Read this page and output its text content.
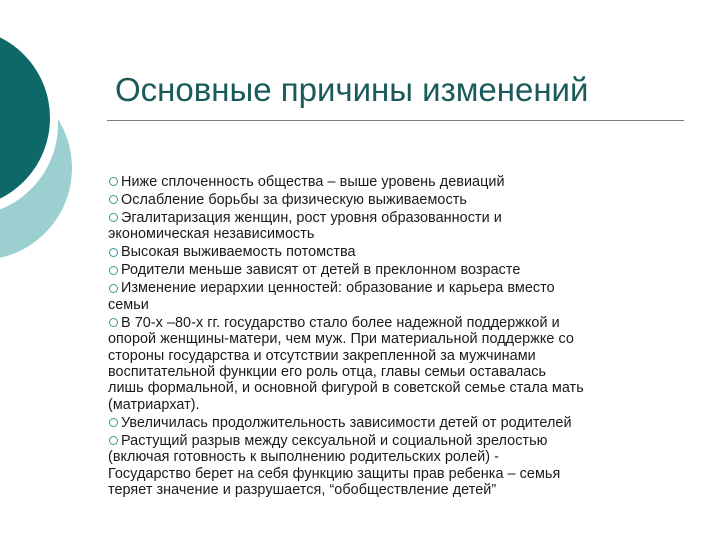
Основные причины изменений
Ниже сплоченность общества – выше уровень девиаций
Ослабление борьбы за физическую выживаемость
Эгалитаризация женщин, рост уровня образованности и
экономическая независимость
Высокая выживаемость потомства
Родители меньше зависят от детей в преклонном возрасте
Изменение иерархии ценностей: образование и карьера вместо
семьи
В 70-х –80-х гг. государство стало более надежной поддержкой и
опорой женщины-матери, чем муж. При материальной поддержке со
стороны государства и отсутствии закрепленной за мужчинами
воспитательной функции его роль отца, главы семьи оставалась
лишь формальной, и основной фигурой в советской семье стала мать
(матриархат).
Увеличилась продолжительность зависимости детей от родителей
Растущий разрыв между сексуальной и социальной зрелостью
(включая готовность к выполнению родительских ролей) -
Государство берет на себя функцию защиты прав ребенка – семья
теряет значение и разрушается, “обобществление детей”
